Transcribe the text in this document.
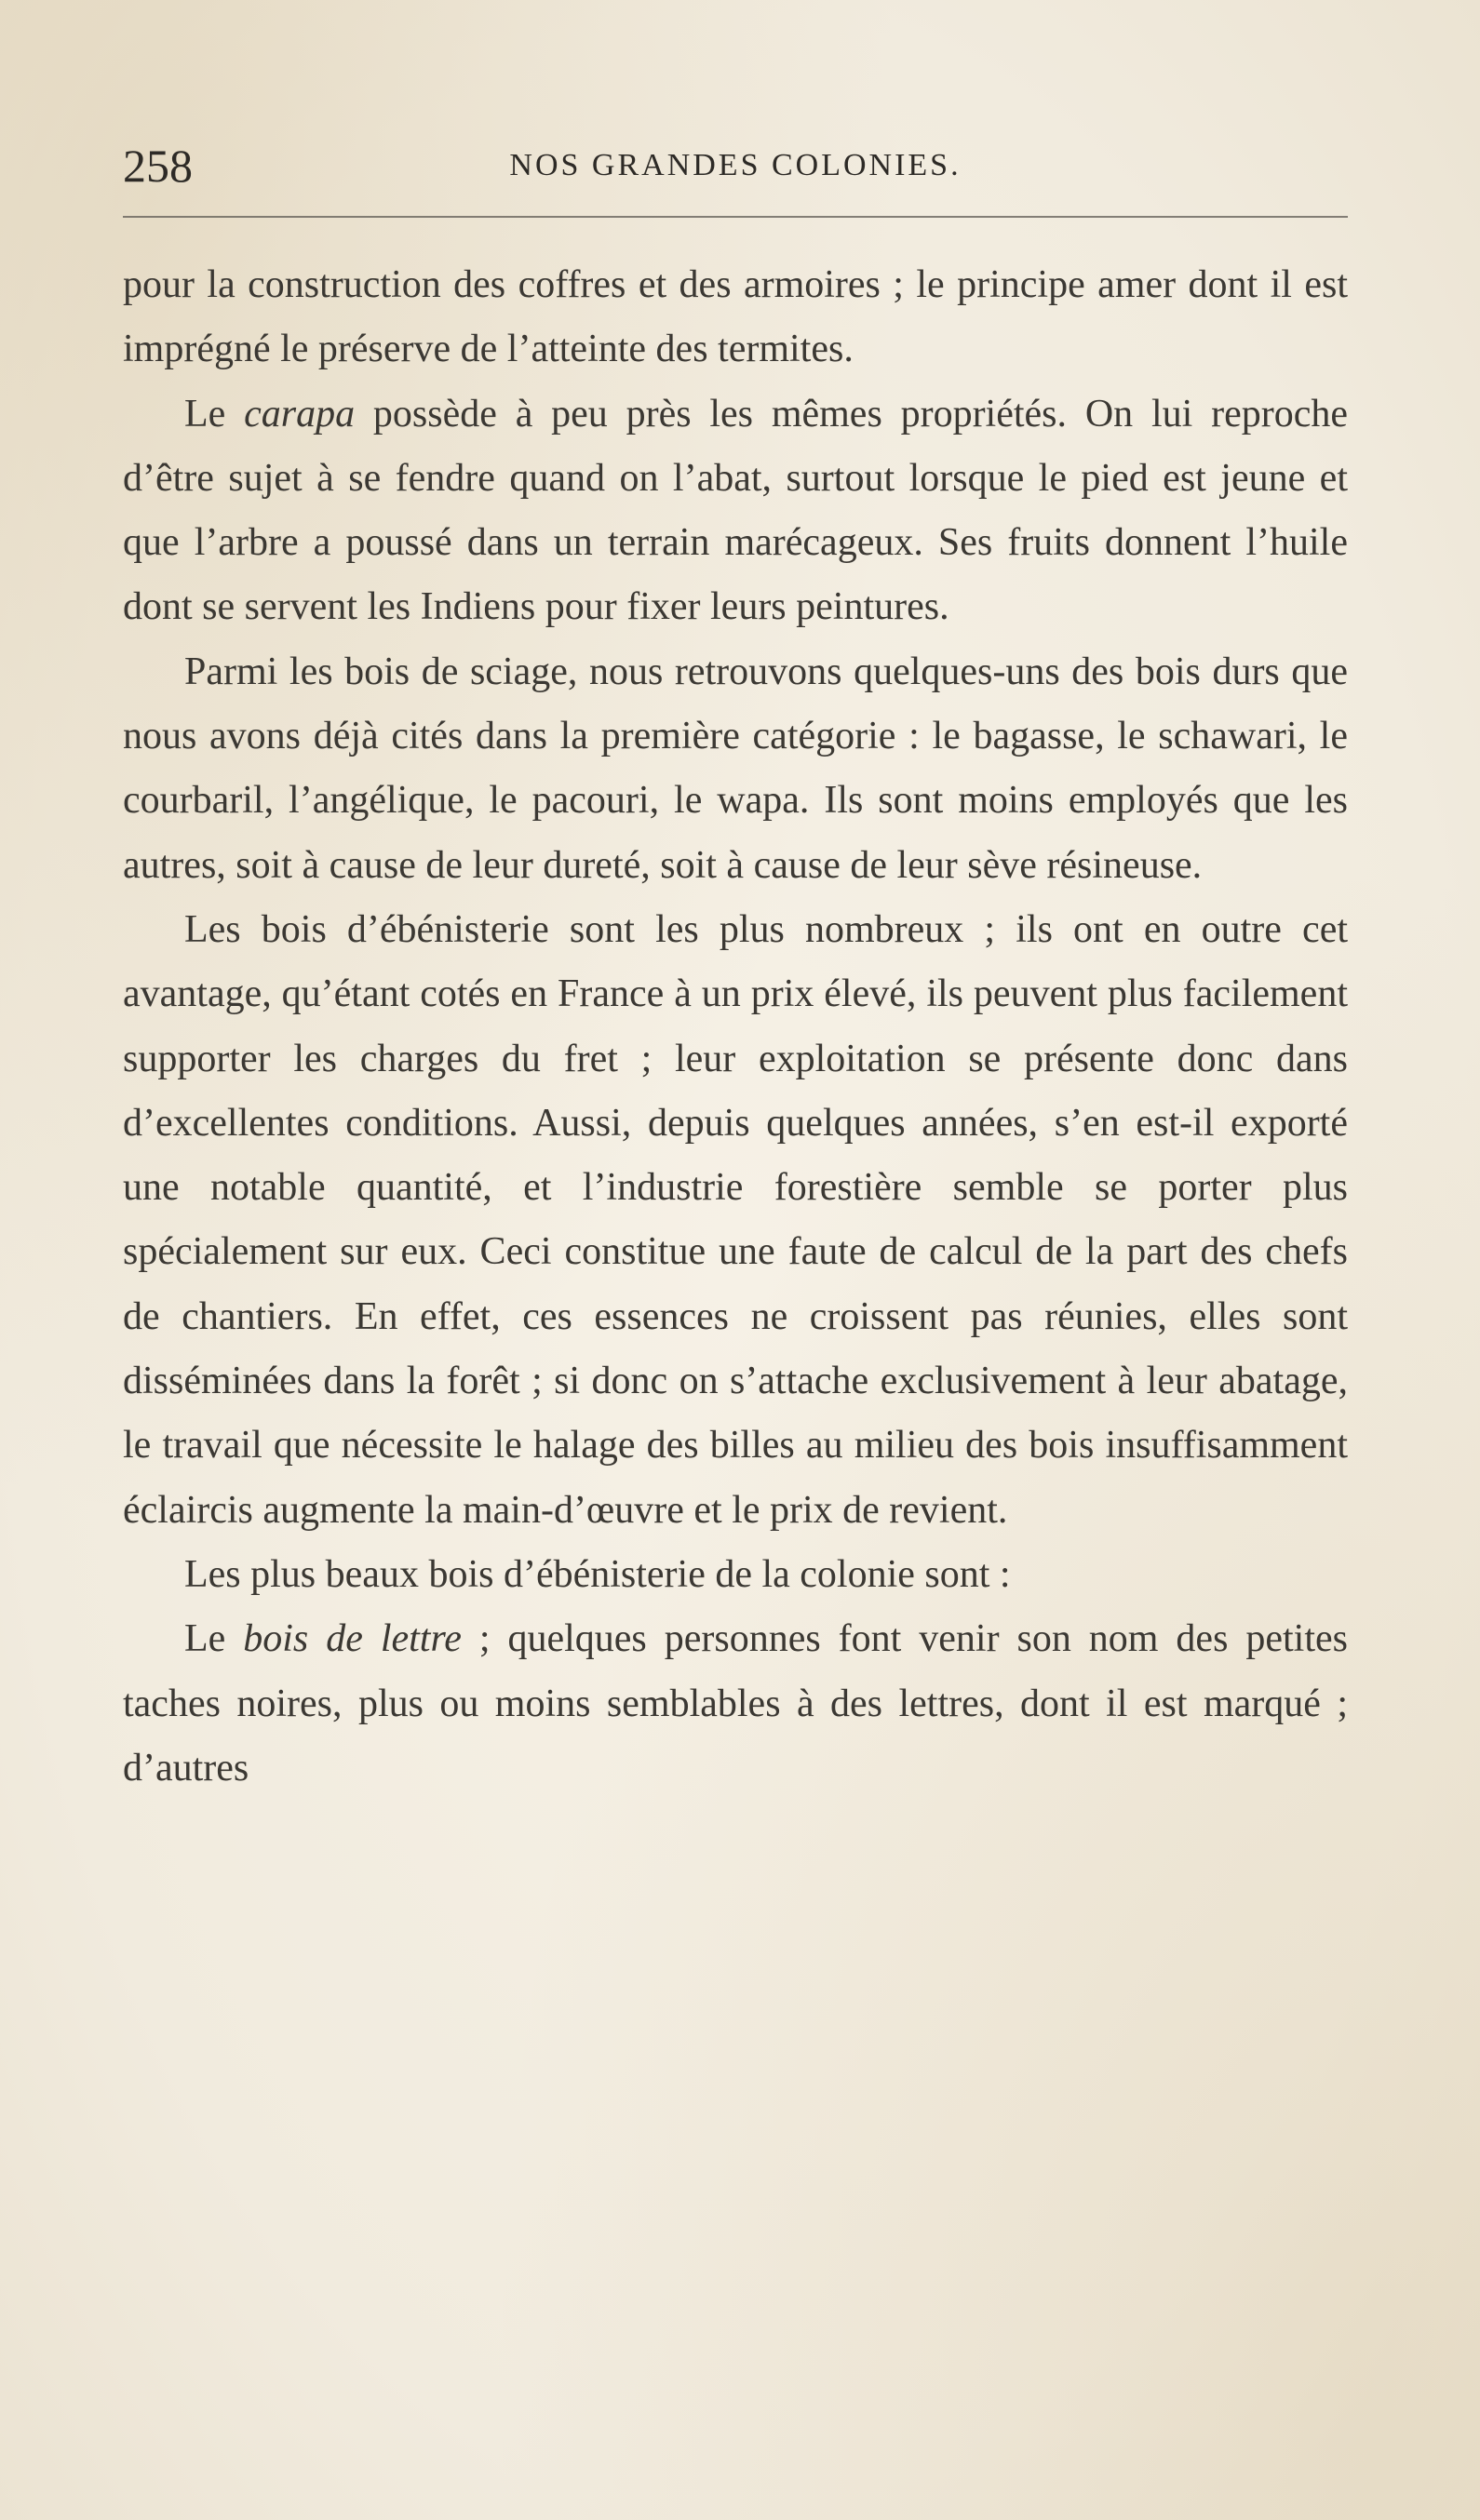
258	NOS GRANDES COLONIES.

pour la construction des coffres et des armoires ; le principe amer dont il est imprégné le préserve de l’atteinte des termites.

Le carapa possède à peu près les mêmes propriétés. On lui reproche d’être sujet à se fendre quand on l’abat, surtout lorsque le pied est jeune et que l’arbre a poussé dans un terrain marécageux. Ses fruits donnent l’huile dont se servent les Indiens pour fixer leurs peintures.

Parmi les bois de sciage, nous retrouvons quelques-uns des bois durs que nous avons déjà cités dans la première catégorie : le bagasse, le schawari, le courbaril, l’angélique, le pacouri, le wapa. Ils sont moins employés que les autres, soit à cause de leur dureté, soit à cause de leur sève résineuse.

Les bois d’ébénisterie sont les plus nombreux ; ils ont en outre cet avantage, qu’étant cotés en France à un prix élevé, ils peuvent plus facilement supporter les charges du fret ; leur exploitation se présente donc dans d’excellentes conditions. Aussi, depuis quelques années, s’en est-il exporté une notable quantité, et l’industrie forestière semble se porter plus spécialement sur eux. Ceci constitue une faute de calcul de la part des chefs de chantiers. En effet, ces essences ne croissent pas réunies, elles sont disséminées dans la forêt ; si donc on s’attache exclusivement à leur abatage, le travail que nécessite le halage des billes au milieu des bois insuffisamment éclaircis augmente la main-d’œuvre et le prix de revient.

Les plus beaux bois d’ébénisterie de la colonie sont :

Le bois de lettre ; quelques personnes font venir son nom des petites taches noires, plus ou moins semblables à des lettres, dont il est marqué ; d’autres
